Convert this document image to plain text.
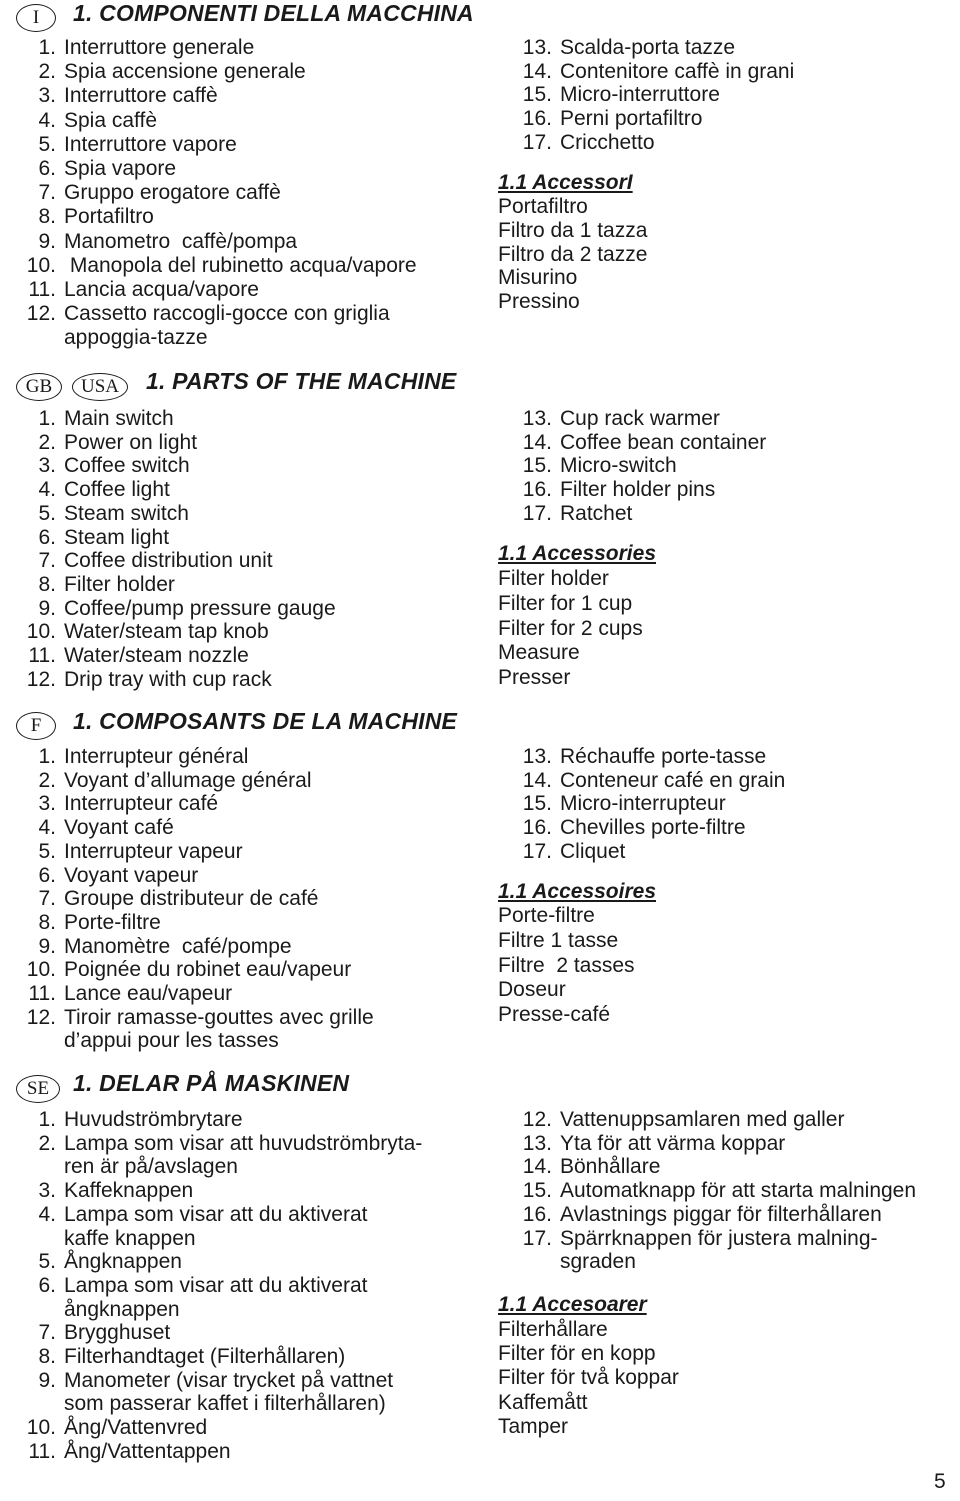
I	1. COMPONENTI DELLA MACCHINA
1. Interruttore generale
2. Spia accensione generale
3. Interruttore caffè
4. Spia caffè
5. Interruttore vapore
6. Spia vapore
7. Gruppo erogatore caffè
8. Portafiltro
9. Manometro  caffè/pompa
10. Manopola del rubinetto acqua/vapore
11. Lancia acqua/vapore
12. Cassetto raccogli-gocce con griglia
appoggia-tazze
13. Scalda-porta tazze
14. Contenitore caffè in grani
15. Micro-interruttore
16. Perni portafiltro
17. Cricchetto
1.1 AccessorI
Portafiltro
Filtro da 1 tazza
Filtro da 2 tazze
Misurino
Pressino
GB	USA	1. PARTS OF THE MACHINE
1. Main switch
2. Power on light
3. Coffee switch
4. Coffee light
5. Steam switch
6. Steam light
7. Coffee distribution unit
8. Filter holder
9. Coffee/pump pressure gauge
10. Water/steam tap knob
11. Water/steam nozzle
12. Drip tray with cup rack
13. Cup rack warmer
14. Coffee bean container
15. Micro-switch
16. Filter holder pins
17. Ratchet
1.1 Accessories
Filter holder
Filter for 1 cup
Filter for 2 cups
Measure
Presser
F	1. COMPOSANTS DE LA MACHINE
1. Interrupteur général
2. Voyant d’allumage général
3. Interrupteur café
4. Voyant café
5. Interrupteur vapeur
6. Voyant vapeur
7. Groupe distributeur de café
8. Porte-filtre
9. Manomètre  café/pompe
10. Poignée du robinet eau/vapeur
11. Lance eau/vapeur
12. Tiroir ramasse-gouttes avec grille
d’appui pour les tasses
13. Réchauffe porte-tasse
14. Conteneur café en grain
15. Micro-interrupteur
16. Chevilles porte-filtre
17. Cliquet
1.1 Accessoires
Porte-filtre
Filtre 1 tasse
Filtre  2 tasses
Doseur
Presse-café
SE	1. DELAR PÅ MASKINEN
1. Huvudströmbrytare
2. Lampa som visar att huvudströmbryta-
ren är på/avslagen
3. Kaffeknappen
4. Lampa som visar att du aktiverat
kaffe knappen
5. Ångknappen
6. Lampa som visar att du aktiverat
ångknappen
7. Brygghuset
8. Filterhandtaget (Filterhållaren)
9. Manometer (visar trycket på vattnet
som passerar kaffet i filterhållaren)
10. Ång/Vattenvred
11. Ång/Vattentappen
12. Vattenuppsamlaren med galler
13. Yta för att värma koppar
14. Bönhållare
15. Automatknapp för att starta malningen
16. Avlastnings piggar för filterhållaren
17. Spärrknappen för justera malning-
sgraden
1.1 Accesoarer
Filterhållare
Filter för en kopp
Filter för två koppar
Kaffemått
Tamper
5
